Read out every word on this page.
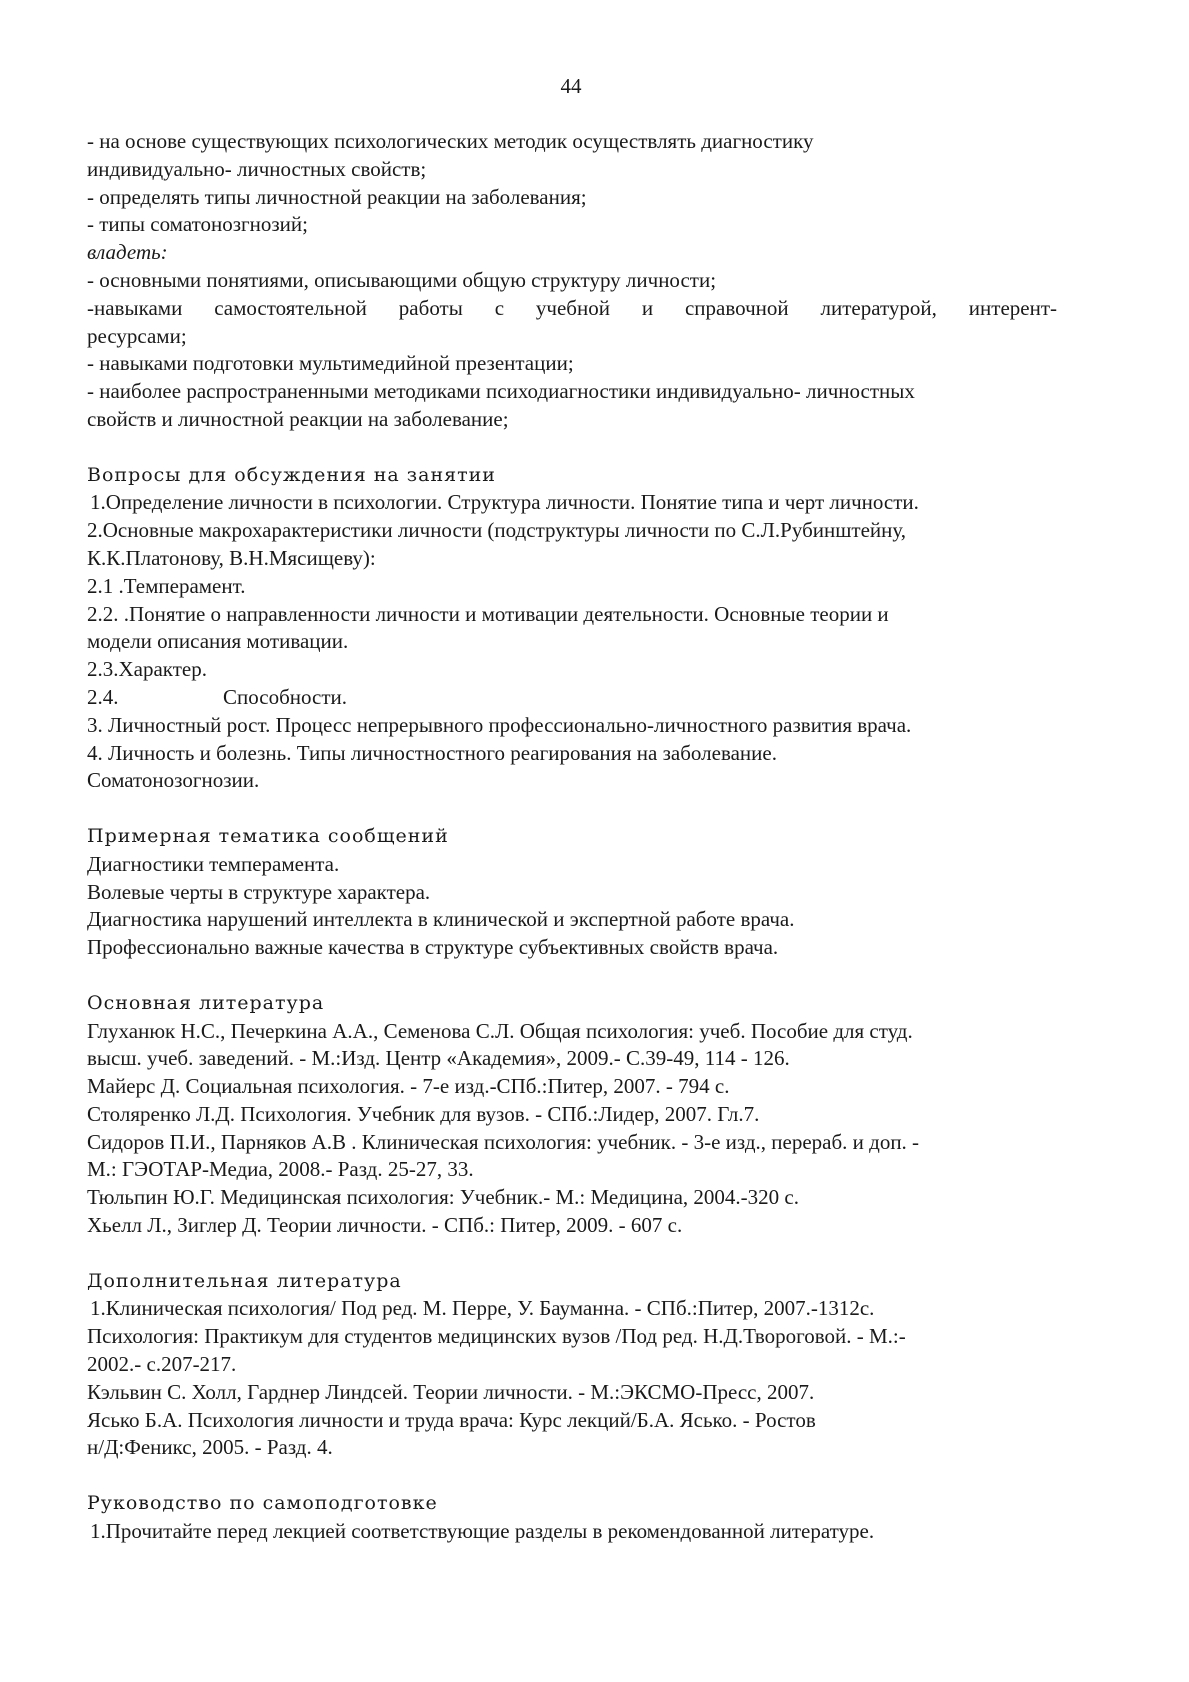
44
- на основе существующих психологических методик осуществлять диагностику
индивидуально- личностных свойств;
- определять типы личностной реакции на заболевания;
- типы соматонозгнозий;
владеть:
- основными понятиями, описывающими общую структуру личности;
-навыками самостоятельной работы с учебной и справочной литературой, интерент-
ресурсами;
- навыками подготовки мультимедийной презентации;
- наиболее распространенными методиками психодиагностики индивидуально- личностных
свойств и личностной реакции на заболевание;
Вопросы для обсуждения на занятии
1.Определение личности в психологии. Структура личности. Понятие типа и черт личности.
2.Основные макрохарактеристики личности (подструктуры личности по С.Л.Рубинштейну,
К.К.Платонову, В.Н.Мясищеву):
2.1 .Темперамент.
2.2. .Понятие о направленности личности и мотивации деятельности. Основные теории и
модели описания мотивации.
2.3.Характер.
2.4.	Способности.
3. Личностный рост. Процесс непрерывного профессионально-личностного развития врача.
4. Личность и болезнь. Типы личностностного реагирования на заболевание.
Соматонозогнозии.
Примерная тематика сообщений
Диагностики темперамента.
Волевые черты в структуре характера.
Диагностика нарушений интеллекта в клинической и экспертной работе врача.
Профессионально важные качества в структуре субъективных свойств врача.
Основная литература
Глуханюк Н.С., Печеркина А.А., Семенова С.Л. Общая психология: учеб. Пособие для студ.
высш. учеб. заведений. - М.:Изд. Центр «Академия», 2009.- С.39-49, 114 - 126.
Майерс Д. Социальная психология. - 7-е изд.-СПб.:Питер, 2007. - 794 с.
Столяренко Л.Д. Психология. Учебник для вузов. - СПб.:Лидер, 2007. Гл.7.
Сидоров П.И., Парняков А.В . Клиническая психология: учебник. - 3-е изд., перераб. и доп. -
М.: ГЭОТАР-Медиа, 2008.- Разд. 25-27, 33.
Тюльпин Ю.Г. Медицинская психология: Учебник.- М.: Медицина, 2004.-320 с.
Хьелл Л., Зиглер Д. Теории личности. - СПб.: Питер, 2009. - 607 с.
Дополнительная литература
1.Клиническая психология/ Под ред. М. Перре, У. Бауманна. - СПб.:Питер, 2007.-1312с.
Психология: Практикум для студентов медицинских вузов /Под ред. Н.Д.Твороговой. - М.:-
2002.- с.207-217.
Кэльвин С. Холл, Гарднер Линдсей. Теории личности. - М.:ЭКСМО-Пресс, 2007.
Ясько Б.А. Психология личности и труда врача: Курс лекций/Б.А. Ясько. - Ростов
н/Д:Феникс, 2005. - Разд. 4.
Руководство по самоподготовке
1.Прочитайте перед лекцией соответствующие разделы в рекомендованной литературе.
